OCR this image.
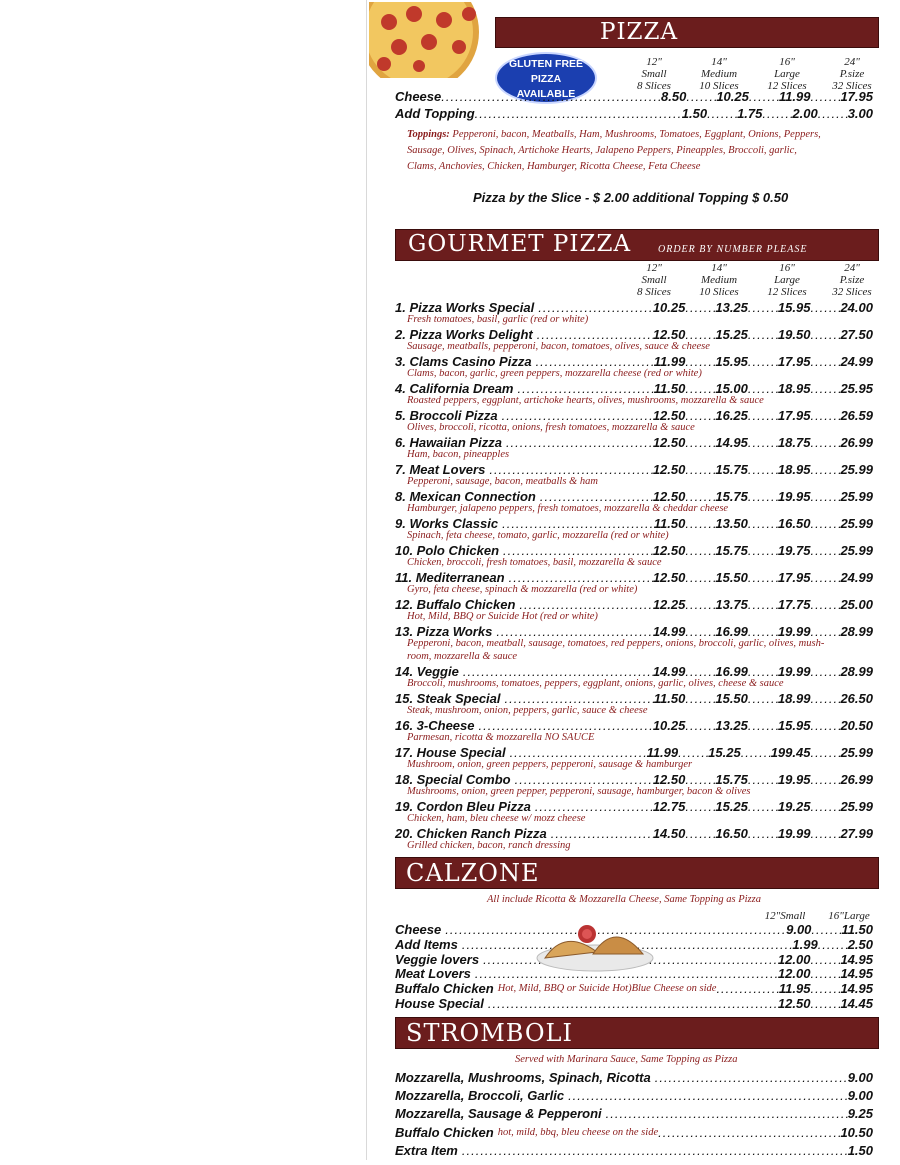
PIZZA
GLUTEN FREE
PIZZA
AVAILABLE
12"
Small
8 Slices
14"
Medium
10 Slices
16"
Large
12 Slices
24"
P.size
32 Slices
Cheese .....	8.50 ..... 10.25 ..... 11.99 ..... 17.95
Add Topping .....	1.50 ..... 1.75 ..... 2.00 ..... 3.00
Toppings: Pepperoni, bacon, Meatballs, Ham, Mushrooms, Tomatoes, Eggplant, Onions, Peppers,
Sausage, Olives, Spinach, Artichoke Hearts, Jalapeno Peppers, Pineapples, Broccoli, garlic,
Clams, Anchovies, Chicken, Hamburger, Ricotta Cheese, Feta Cheese
Pizza by the Slice - $ 2.00 additional Topping $ 0.50
GOURMET PIZZA	ORDER BY NUMBER PLEASE
12"
Small
8 Slices
14"
Medium
10 Slices
16"
Large
12 Slices
24"
P.size
32 Slices
1. Pizza Works Special .....	10.25 ..... 13.25 ..... 15.95 ..... 24.00
Fresh tomatoes, basil, garlic (red or white)
2. Pizza Works Delight .....	12.50 ..... 15.25 ..... 19.50 ..... 27.50
Sausage, meatballs, pepperoni, bacon, tomatoes, olives, sauce & cheese
3. Clams Casino Pizza .....	11.99 ..... 15.95 ..... 17.95 ..... 24.99
Clams, bacon, garlic, green peppers, mozzarella cheese (red or white)
4. California Dream .....	11.50 ..... 15.00 ..... 18.95 ..... 25.95
Roasted peppers, eggplant, artichoke hearts, olives, mushrooms, mozzarella & sauce
5. Broccoli Pizza .....	12.50 ..... 16.25 ..... 17.95 ..... 26.59
Olives, broccoli, ricotta, onions, fresh tomatoes, mozzarella & sauce
6. Hawaiian Pizza .....	12.50 ..... 14.95 ..... 18.75 ..... 26.99
Ham, bacon, pineapples
7. Meat Lovers .....	12.50 ..... 15.75 ..... 18.95 ..... 25.99
Pepperoni, sausage, bacon, meatballs & ham
8. Mexican Connection .....	12.50 ..... 15.75 ..... 19.95 ..... 25.99
Hamburger, jalapeno peppers, fresh tomatoes, mozzarella & cheddar cheese
9. Works Classic .....	11.50 ..... 13.50 ..... 16.50 ..... 25.99
Spinach, feta cheese, tomato, garlic, mozzarella (red or white)
10. Polo Chicken .....	12.50 ..... 15.75 ..... 19.75 ..... 25.99
Chicken, broccoli, fresh tomatoes, basil, mozzarella & sauce
11. Mediterranean .....	12.50 ..... 15.50 ..... 17.95 ..... 24.99
Gyro, feta cheese, spinach & mozzarella (red or white)
12. Buffalo Chicken .....	12.25 ..... 13.75 ..... 17.75 ..... 25.00
Hot, Mild, BBQ or Suicide Hot (red or white)
13. Pizza Works .....	14.99 ..... 16.99 ..... 19.99 ..... 28.99
Pepperoni, bacon, meatball, sausage, tomatoes, red peppers, onions, broccoli, garlic, olives, mush-
room, mozzarella & sauce
14. Veggie .....	14.99 ..... 16.99 ..... 19.99 ..... 28.99
Broccoli, mushrooms, tomatoes, peppers, eggplant, onions, garlic, olives, cheese & sauce
15. Steak Special .....	11.50 ..... 15.50 ..... 18.99 ..... 26.50
Steak, mushroom, onion, peppers, garlic, sauce & cheese
16. 3-Cheese .....	10.25 ..... 13.25 ..... 15.95 ..... 20.50
Parmesan, ricotta & mozzarella NO SAUCE
17. House Special .....	11.99 ..... 15.25 ..... 199.45 ..... 25.99
Mushroom, onion, green peppers, pepperoni, sausage & hamburger
18. Special Combo .....	12.50 ..... 15.75 ..... 19.95 ..... 26.99
Mushrooms, onion, green pepper, pepperoni, sausage, hamburger, bacon & olives
19. Cordon Bleu Pizza .....	12.75 ..... 15.25 ..... 19.25 ..... 25.99
Chicken, ham, bleu cheese w/ mozz cheese
20. Chicken Ranch Pizza .....	14.50 ..... 16.50 ..... 19.99 ..... 27.99
Grilled chicken, bacon, ranch dressing
CALZONE
All include Ricotta & Mozzarella Cheese, Same Topping as Pizza
12"Small	16"Large
Cheese .....	9.00 ..... 11.50
Add Items .....	1.99 ..... 2.50
Veggie lovers .....	12.00 ..... 14.95
Meat Lovers .....	12.00 ..... 14.95
Buffalo Chicken Hot, Mild, BBQ or Suicide Hot)Blue Cheese on side .....	11.95 ..... 14.95
House Special .....	12.50 ..... 14.45
STROMBOLI
Served with Marinara Sauce, Same Topping as Pizza
Mozzarella, Mushrooms, Spinach, Ricotta .....	9.00
Mozzarella, Broccoli, Garlic .....	9.00
Mozzarella, Sausage & Pepperoni .....	9.25
Buffalo Chicken hot, mild, bbq, bleu cheese on the side .....	10.50
Extra Item .....	1.50
